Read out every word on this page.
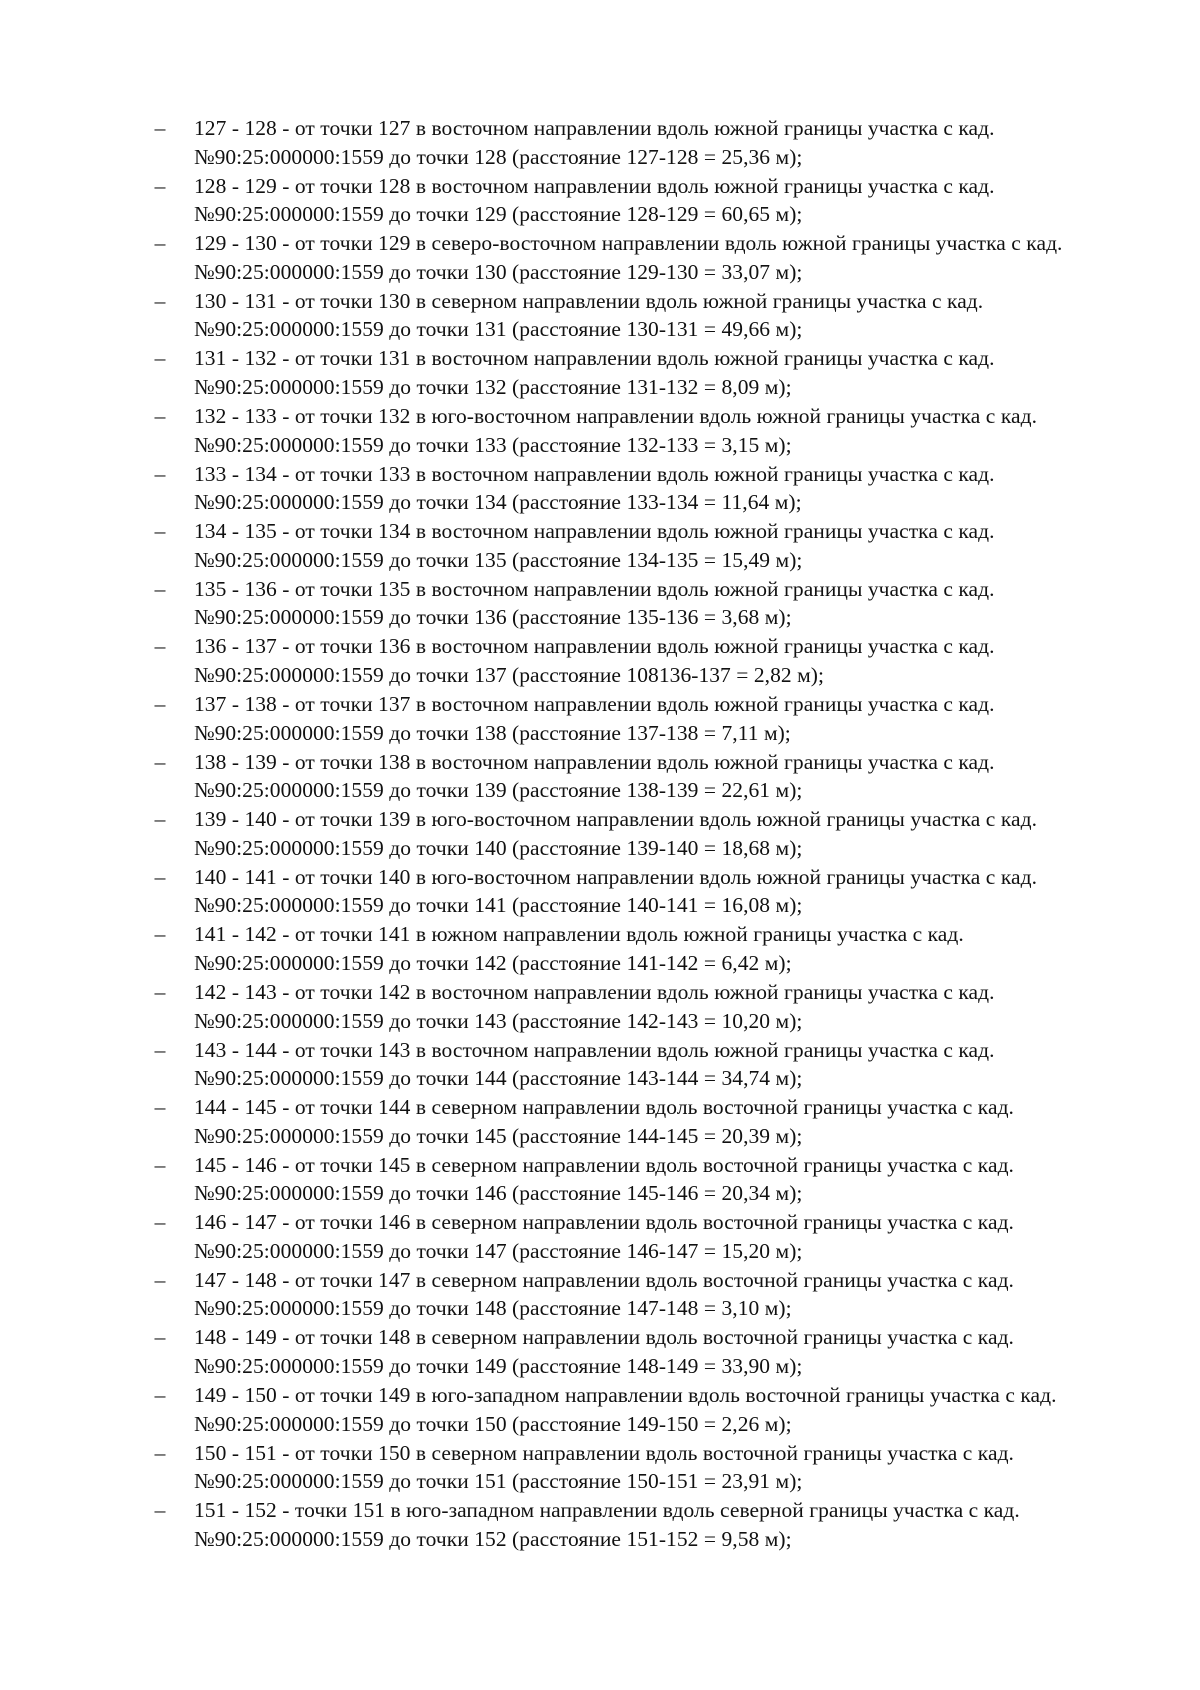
–	127 - 128 - от точки 127 в восточном направлении вдоль южной границы участка с кад. №90:25:000000:1559 до точки 128 (расстояние 127-128 = 25,36 м);
–	128 - 129 - от точки 128 в восточном направлении вдоль южной границы участка с кад. №90:25:000000:1559 до точки 129 (расстояние 128-129 = 60,65 м);
–	129 - 130 - от точки 129 в северо-восточном направлении вдоль южной границы участка с кад. №90:25:000000:1559 до точки 130 (расстояние 129-130 = 33,07 м);
–	130 - 131 - от точки 130 в северном направлении вдоль южной границы участка с кад. №90:25:000000:1559 до точки 131 (расстояние 130-131 = 49,66 м);
–	131 - 132 - от точки 131 в восточном направлении вдоль южной границы участка с кад. №90:25:000000:1559 до точки 132 (расстояние 131-132 = 8,09 м);
–	132 - 133 - от точки 132 в юго-восточном направлении вдоль южной границы участка с кад. №90:25:000000:1559 до точки 133 (расстояние 132-133 = 3,15 м);
–	133 - 134 - от точки 133 в восточном направлении вдоль южной границы участка с кад. №90:25:000000:1559 до точки 134 (расстояние 133-134 = 11,64 м);
–	134 - 135 - от точки 134 в восточном направлении вдоль южной границы участка с кад. №90:25:000000:1559 до точки 135 (расстояние 134-135 = 15,49 м);
–	135 - 136 - от точки 135 в восточном направлении вдоль южной границы участка с кад. №90:25:000000:1559 до точки 136 (расстояние 135-136 = 3,68 м);
–	136 - 137 - от точки 136 в восточном направлении вдоль южной границы участка с кад. №90:25:000000:1559 до точки 137 (расстояние 108136-137 = 2,82 м);
–	137 - 138 - от точки 137 в восточном направлении вдоль южной границы участка с кад. №90:25:000000:1559 до точки 138 (расстояние 137-138 = 7,11 м);
–	138 - 139 - от точки 138 в восточном направлении вдоль южной границы участка с кад. №90:25:000000:1559 до точки 139 (расстояние 138-139 = 22,61 м);
–	139 - 140 - от точки 139 в юго-восточном направлении вдоль южной границы участка с кад. №90:25:000000:1559 до точки 140 (расстояние 139-140 = 18,68 м);
–	140 - 141 - от точки 140 в юго-восточном направлении вдоль южной границы участка с кад. №90:25:000000:1559 до точки 141 (расстояние 140-141 = 16,08 м);
–	141 - 142 - от точки 141 в южном направлении вдоль южной границы участка с кад. №90:25:000000:1559 до точки 142 (расстояние 141-142 = 6,42 м);
–	142 - 143 - от точки 142 в восточном направлении вдоль южной границы участка с кад. №90:25:000000:1559 до точки 143 (расстояние 142-143 = 10,20 м);
–	143 - 144 - от точки 143 в восточном направлении вдоль южной границы участка с кад. №90:25:000000:1559 до точки 144 (расстояние 143-144 = 34,74 м);
–	144 - 145 - от точки 144 в северном направлении вдоль восточной границы участка с кад. №90:25:000000:1559 до точки 145 (расстояние 144-145 = 20,39 м);
–	145 - 146 - от точки 145 в северном направлении вдоль восточной границы участка с кад. №90:25:000000:1559 до точки 146 (расстояние 145-146 = 20,34 м);
–	146 - 147 - от точки 146 в северном направлении вдоль восточной границы участка с кад. №90:25:000000:1559 до точки 147 (расстояние 146-147 = 15,20 м);
–	147 - 148 - от точки 147 в северном направлении вдоль восточной границы участка с кад. №90:25:000000:1559 до точки 148 (расстояние 147-148 = 3,10 м);
–	148 - 149 - от точки 148 в северном направлении вдоль восточной границы участка с кад. №90:25:000000:1559 до точки 149 (расстояние 148-149 = 33,90 м);
–	149 - 150 - от точки 149 в юго-западном направлении вдоль восточной границы участка с кад. №90:25:000000:1559 до точки 150 (расстояние 149-150 = 2,26 м);
–	150 - 151 - от точки 150 в северном направлении вдоль восточной границы участка с кад. №90:25:000000:1559 до точки 151 (расстояние 150-151 = 23,91 м);
–	151 - 152 - точки 151 в юго-западном направлении вдоль северной границы участка с кад. №90:25:000000:1559 до точки 152 (расстояние 151-152 = 9,58 м);
